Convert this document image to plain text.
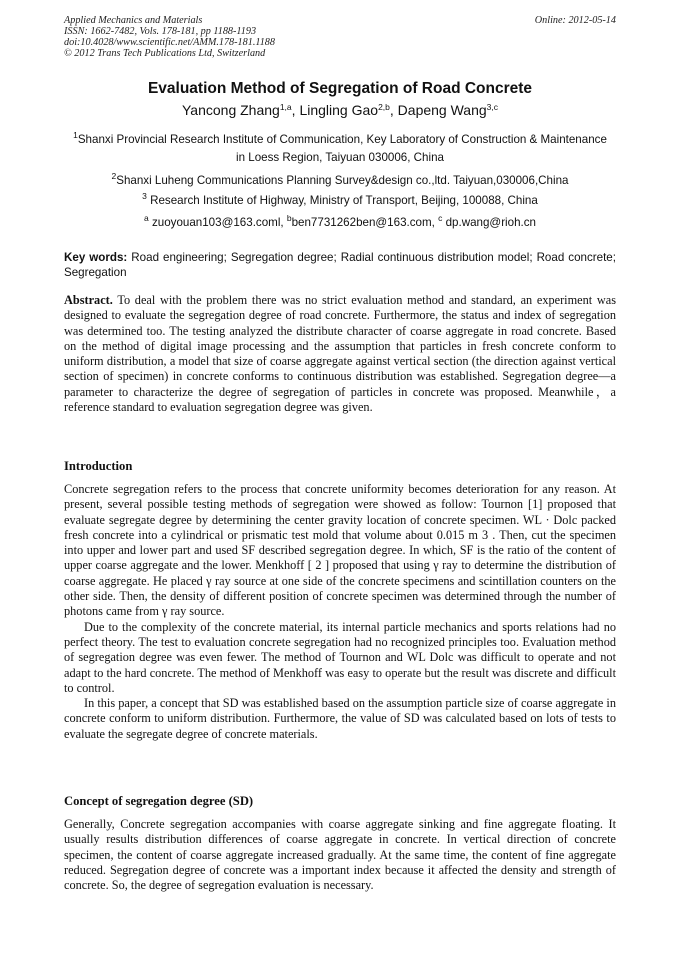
Applied Mechanics and Materials	Online: 2012-05-14
ISSN: 1662-7482, Vols. 178-181, pp 1188-1193
doi:10.4028/www.scientific.net/AMM.178-181.1188
© 2012 Trans Tech Publications Ltd, Switzerland
Evaluation Method of Segregation of Road Concrete
Yancong Zhang$^{1,a}$, Lingling Gao$^{2,b}$, Dapeng Wang$^{3,c}$
$^1$Shanxi Provincial Research Institute of Communication, Key Laboratory of Construction & Maintenance in Loess Region, Taiyuan 030006, China
$^2$Shanxi Luheng Communications Planning Survey&design co.,ltd. Taiyuan,030006,China
$^3$ Research Institute of Highway, Ministry of Transport, Beijing, 100088, China
$^a$ zuoyouan103@163.coml, $^b$ben7731262ben@163.com, $^c$ dp.wang@rioh.cn
Key words: Road engineering; Segregation degree; Radial continuous distribution model; Road concrete; Segregation

Abstract. To deal with the problem there was no strict evaluation method and standard, an experiment was designed to evaluate the segregation degree of road concrete. Furthermore, the status and index of segregation was determined too. The testing analyzed the distribute character of coarse aggregate in road concrete. Based on the method of digital image processing and the assumption that particles in fresh concrete conform to uniform distribution, a model that size of coarse aggregate against vertical section (the direction against vertical section of specimen) in concrete conforms to continuous distribution was established. Segregation degree—a parameter to characterize the degree of segregation of particles in concrete was proposed. Meanwhile，a reference standard to evaluation segregation degree was given.

Introduction

Concrete segregation refers to the process that concrete uniformity becomes deterioration for any reason. At present, several possible testing methods of segregation were showed as follow: Tournon [1] proposed that evaluate segregate degree by determining the center gravity location of concrete specimen. WL · Dolc packed fresh concrete into a cylindrical or prismatic test mold that volume about 0.015 m 3 . Then, cut the specimen into upper and lower part and used SF described segregation degree. In which, SF is the ratio of the content of upper coarse aggregate and the lower. Menkhoff [ 2 ] proposed that using γ ray to determine the distribution of coarse aggregate. He placed γ ray source at one side of the concrete specimens and scintillation counters on the other side. Then, the density of different position of concrete specimen was determined through the number of photons came from γ ray source.

Due to the complexity of the concrete material, its internal particle mechanics and sports relations had no perfect theory. The test to evaluation concrete segregation had no recognized principles too. Evaluation method of segregation degree was even fewer. The method of Tournon and WL Dolc was difficult to operate and not adapt to the hard concrete. The method of Menkhoff was easy to operate but the result was discrete and difficult to control.

In this paper, a concept that SD was established based on the assumption particle size of coarse aggregate in concrete conform to uniform distribution. Furthermore, the value of SD was calculated based on lots of tests to evaluate the segregate degree of concrete materials.

Concept of segregation degree (SD)

Generally, Concrete segregation accompanies with coarse aggregate sinking and fine aggregate floating. It usually results distribution differences of coarse aggregate in concrete. In vertical direction of concrete specimen, the content of coarse aggregate increased gradually. At the same time, the content of fine aggregate reduced. Segregation degree of concrete was a important index because it affected the density and strength of concrete. So, the degree of segregation evaluation is necessary.
